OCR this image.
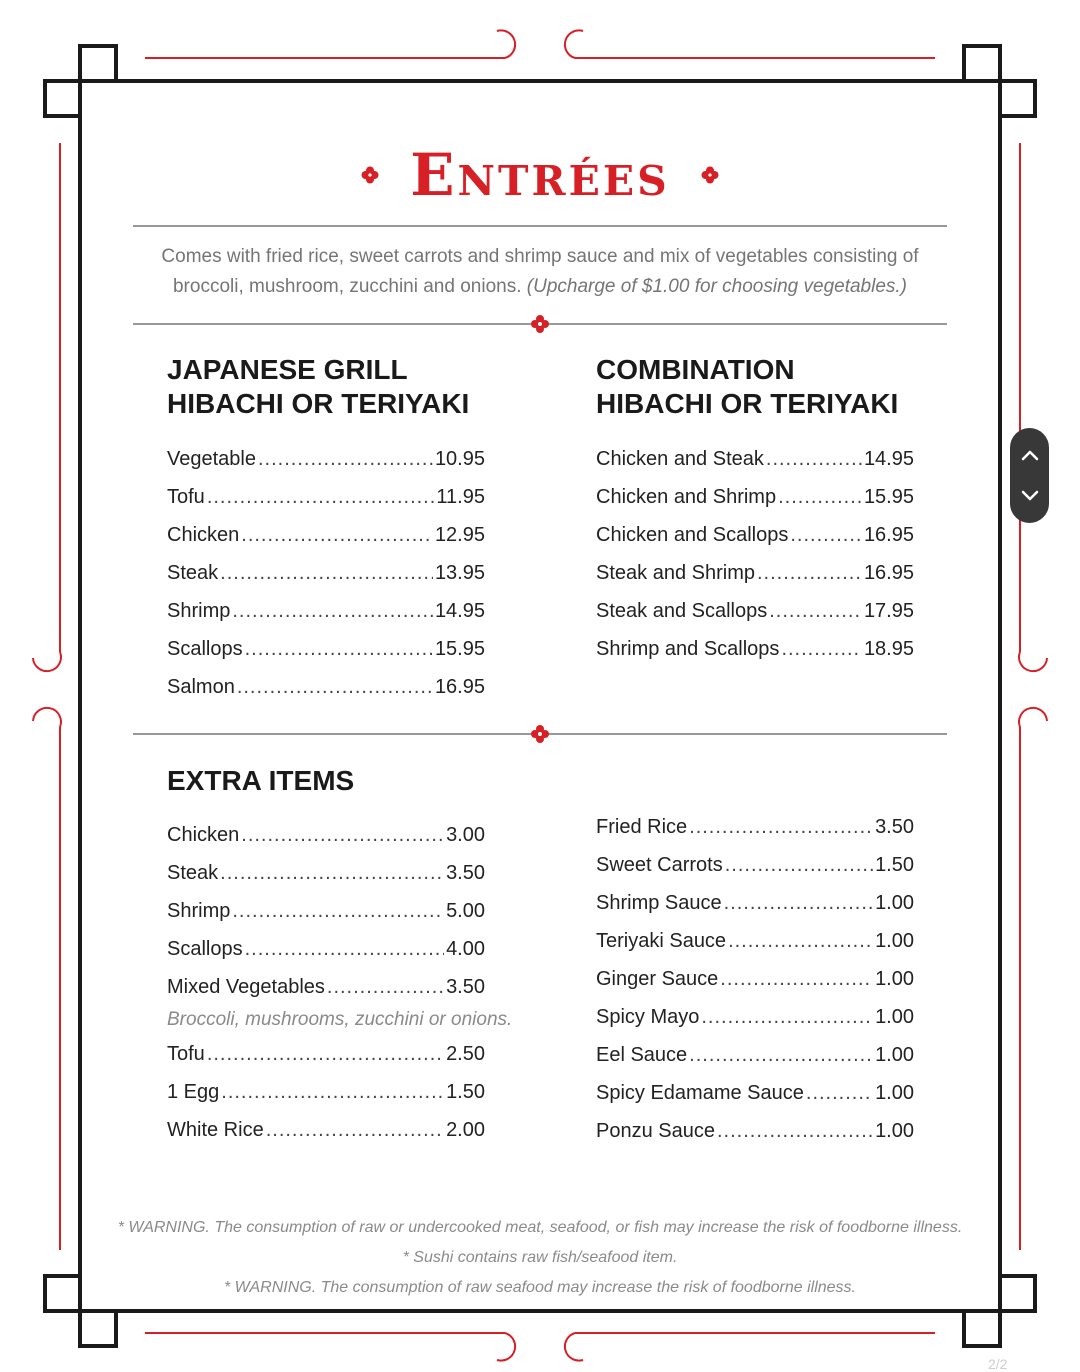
Entrées
Comes with fried rice, sweet carrots and shrimp sauce and mix of vegetables consisting of broccoli, mushroom, zucchini and onions. (Upcharge of $1.00 for choosing vegetables.)
JAPANESE GRILL
HIBACHI OR TERIYAKI
Vegetable .....	10.95
Tofu .....	11.95
Chicken .....	12.95
Steak .....	13.95
Shrimp .....	14.95
Scallops .....	15.95
Salmon .....	16.95
COMBINATION
HIBACHI OR TERIYAKI
Chicken and Steak .....	14.95
Chicken and Shrimp .....	15.95
Chicken and Scallops .....	16.95
Steak and Shrimp .....	16.95
Steak and Scallops .....	17.95
Shrimp and Scallops .....	18.95
EXTRA ITEMS
Chicken .....	3.00
Steak .....	3.50
Shrimp .....	5.00
Scallops .....	4.00
Mixed Vegetables .....	3.50
Tofu .....	2.50
1 Egg .....	1.50
White Rice .....	2.00
Broccoli, mushrooms, zucchini or onions.
Fried Rice .....	3.50
Sweet Carrots .....	1.50
Shrimp Sauce .....	1.00
Teriyaki Sauce .....	1.00
Ginger Sauce .....	1.00
Spicy Mayo .....	1.00
Eel Sauce .....	1.00
Spicy Edamame Sauce .....	1.00
Ponzu Sauce .....	1.00
* WARNING. The consumption of raw or undercooked meat, seafood, or fish may increase the risk of foodborne illness.
* Sushi contains raw fish/seafood item.
* WARNING. The consumption of raw seafood may increase the risk of foodborne illness.
2/2
